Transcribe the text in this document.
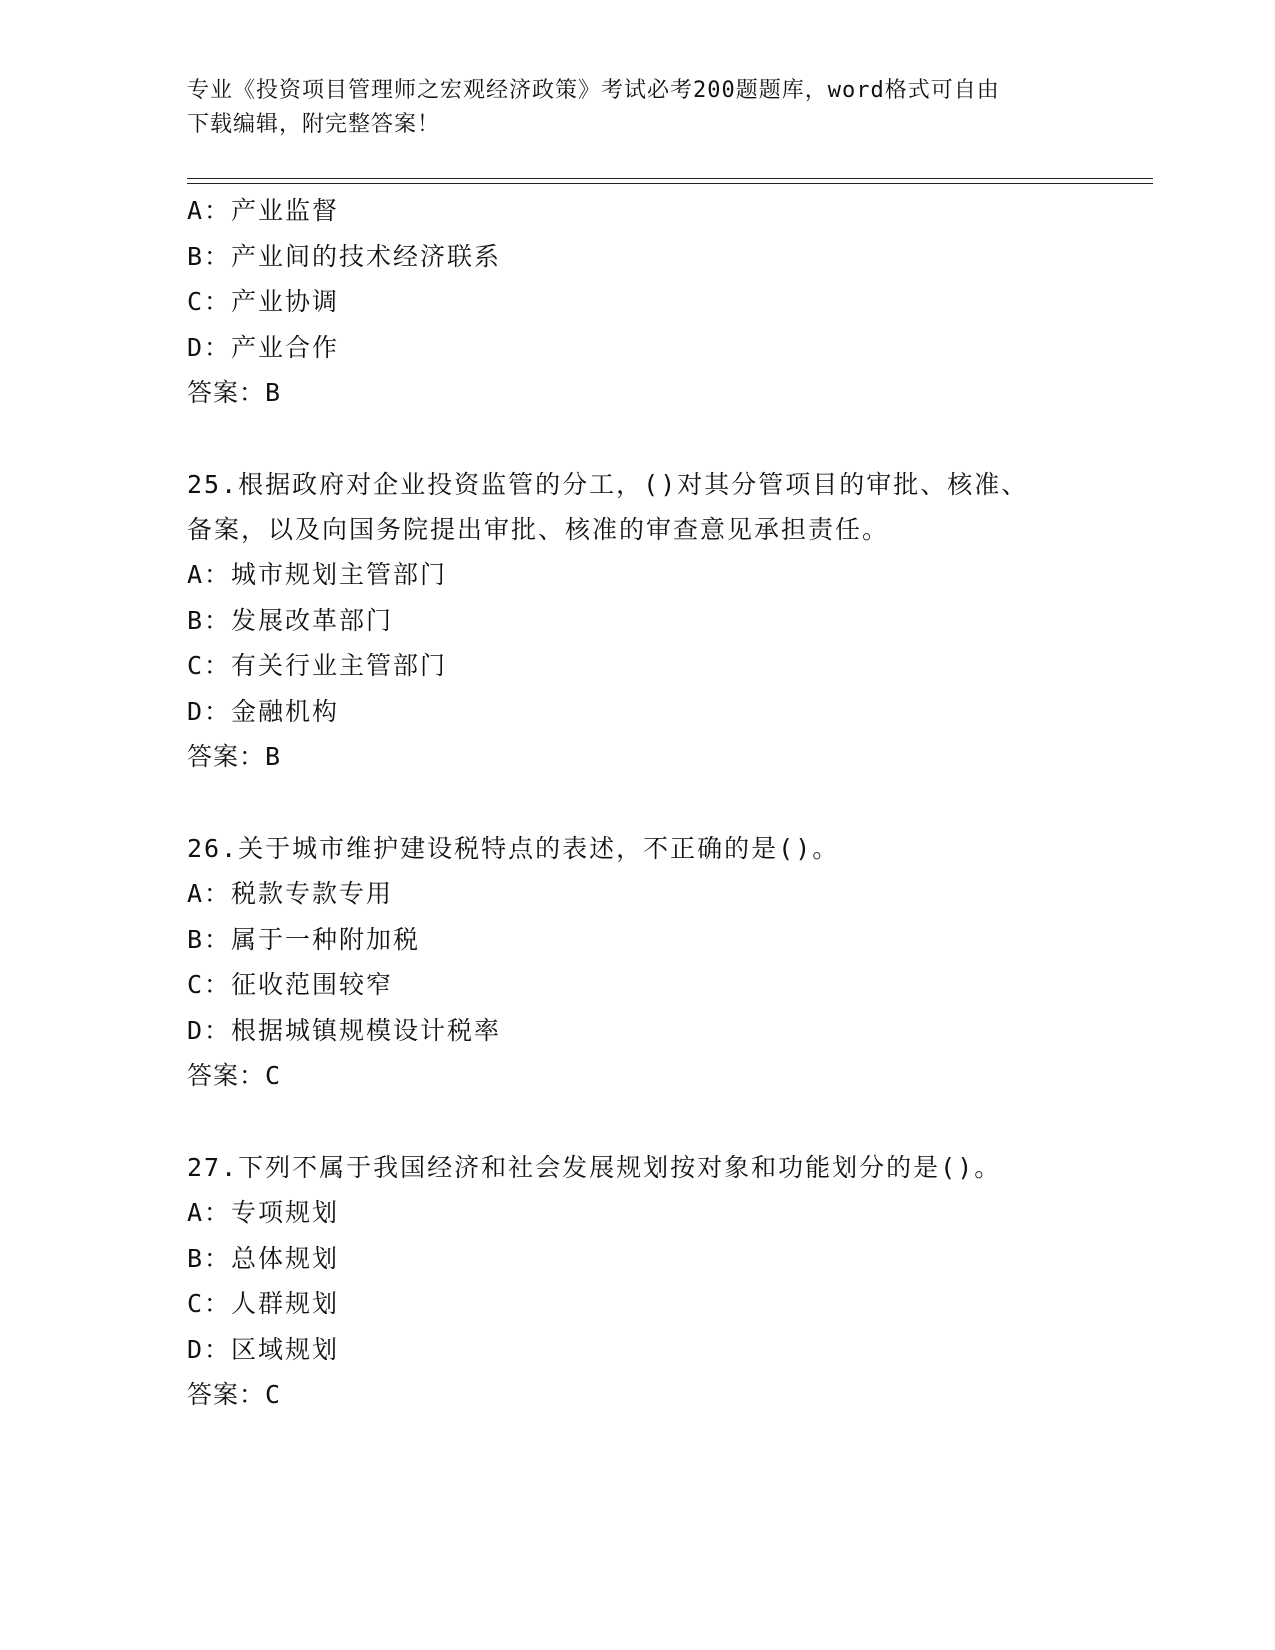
专业《投资项目管理师之宏观经济政策》考试必考200题题库，word格式可自由
下载编辑，附完整答案！
A：产业监督
B：产业间的技术经济联系
C：产业协调
D：产业合作
答案：B
25.根据政府对企业投资监管的分工，()对其分管项目的审批、核准、
备案，以及向国务院提出审批、核准的审查意见承担责任。
A：城市规划主管部门
B：发展改革部门
C：有关行业主管部门
D：金融机构
答案：B
26.关于城市维护建设税特点的表述，不正确的是()。
A：税款专款专用
B：属于一种附加税
C：征收范围较窄
D：根据城镇规模设计税率
答案：C
27.下列不属于我国经济和社会发展规划按对象和功能划分的是()。
A：专项规划
B：总体规划
C：人群规划
D：区域规划
答案：C
